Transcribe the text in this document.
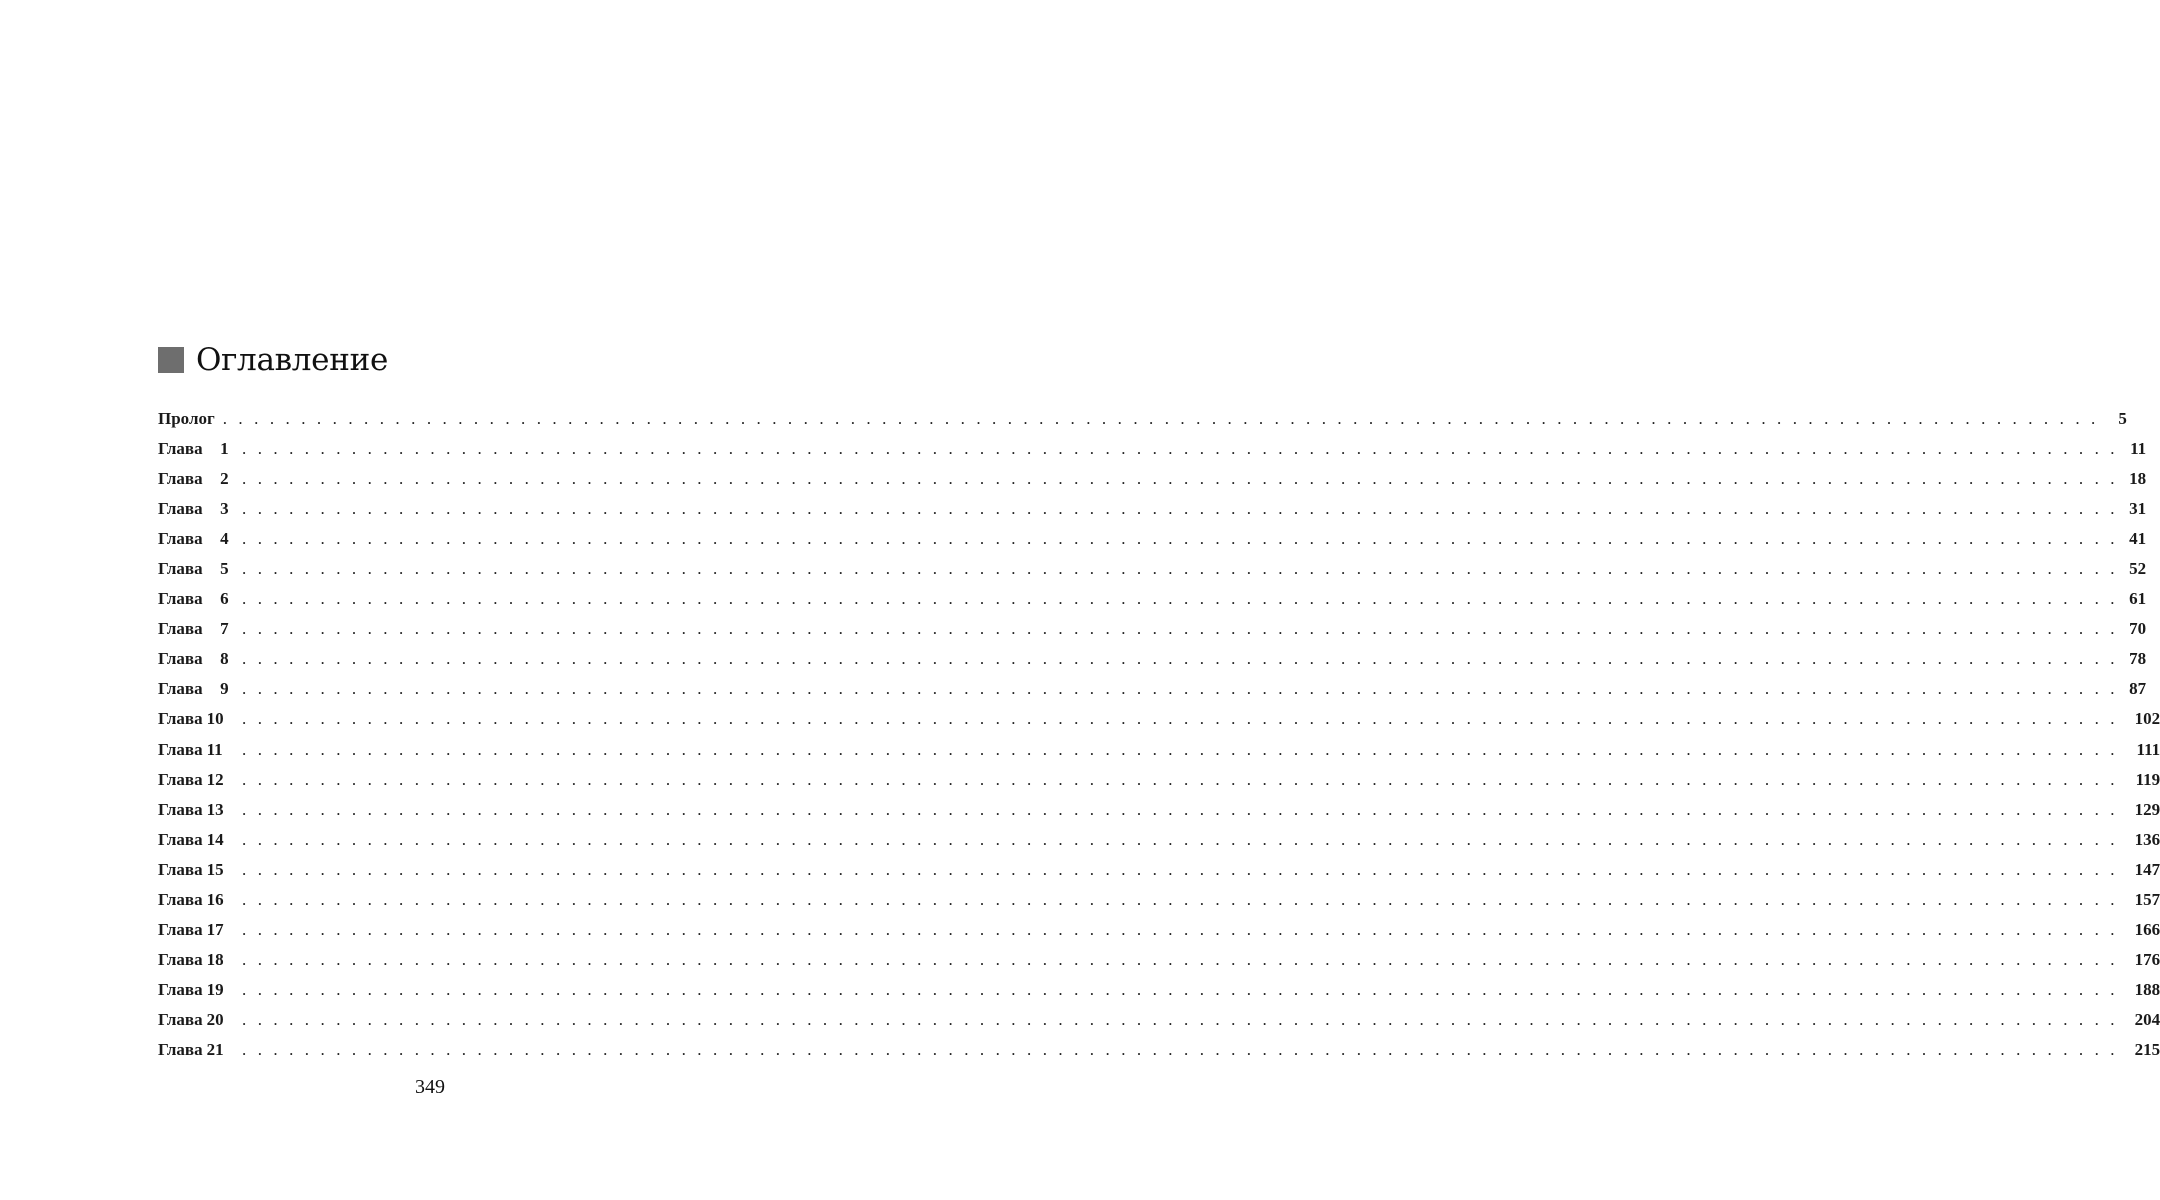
Оглавление
Пролог . . . . . . . . . . . . . . . . . . . . . . . . . . . . . . . . . . . . . . . . . . . . . . . . . . . . . . . . . . . . . . . . . . . . . . . . . . . . . . . . . . . . . . . . . . . . . . . . . . . . . . . . . . . . . . . . . . . . . . . .	5
Глава	1 . . . . . . . . . . . . . . . . . . . . . . . . . . . . . . . . . . . . . . . . . . . . . . . . . . . . . . . . . . . . . . . . . . . . . . . . . . . . . . . . . . . . . . . . . . . . . . . . . . . . . . . . . . . . . . . . . . . . . . . . 11
Глава	2 . . . . . . . . . . . . . . . . . . . . . . . . . . . . . . . . . . . . . . . . . . . . . . . . . . . . . . . . . . . . . . . . . . . . . . . . . . . . . . . . . . . . . . . . . . . . . . . . . . . . . . . . . . . . . . . . . . . . . . . . 18
Глава	3 . . . . . . . . . . . . . . . . . . . . . . . . . . . . . . . . . . . . . . . . . . . . . . . . . . . . . . . . . . . . . . . . . . . . . . . . . . . . . . . . . . . . . . . . . . . . . . . . . . . . . . . . . . . . . . . . . . . . . . . . 31
Глава	4 . . . . . . . . . . . . . . . . . . . . . . . . . . . . . . . . . . . . . . . . . . . . . . . . . . . . . . . . . . . . . . . . . . . . . . . . . . . . . . . . . . . . . . . . . . . . . . . . . . . . . . . . . . . . . . . . . . . . . . . . 41
Глава	5 . . . . . . . . . . . . . . . . . . . . . . . . . . . . . . . . . . . . . . . . . . . . . . . . . . . . . . . . . . . . . . . . . . . . . . . . . . . . . . . . . . . . . . . . . . . . . . . . . . . . . . . . . . . . . . . . . . . . . . . . 52
Глава	6 . . . . . . . . . . . . . . . . . . . . . . . . . . . . . . . . . . . . . . . . . . . . . . . . . . . . . . . . . . . . . . . . . . . . . . . . . . . . . . . . . . . . . . . . . . . . . . . . . . . . . . . . . . . . . . . . . . . . . . . . 61
Глава	7 . . . . . . . . . . . . . . . . . . . . . . . . . . . . . . . . . . . . . . . . . . . . . . . . . . . . . . . . . . . . . . . . . . . . . . . . . . . . . . . . . . . . . . . . . . . . . . . . . . . . . . . . . . . . . . . . . . . . . . . . 70
Глава	8 . . . . . . . . . . . . . . . . . . . . . . . . . . . . . . . . . . . . . . . . . . . . . . . . . . . . . . . . . . . . . . . . . . . . . . . . . . . . . . . . . . . . . . . . . . . . . . . . . . . . . . . . . . . . . . . . . . . . . . . . 78
Глава	9 . . . . . . . . . . . . . . . . . . . . . . . . . . . . . . . . . . . . . . . . . . . . . . . . . . . . . . . . . . . . . . . . . . . . . . . . . . . . . . . . . . . . . . . . . . . . . . . . . . . . . . . . . . . . . . . . . . . . . . . . 87
Глава 10	. . . . . . . . . . . . . . . . . . . . . . . . . . . . . . . . . . . . . . . . . . . . . . . . . . . . . . . . . . . . . . . . . . . . . . . . . . . . . . . . . . . . . . . . . . . . . . . . . . . . . . . . . . . . . . . . . . . . . . . . 102
Глава 11	. . . . . . . . . . . . . . . . . . . . . . . . . . . . . . . . . . . . . . . . . . . . . . . . . . . . . . . . . . . . . . . . . . . . . . . . . . . . . . . . . . . . . . . . . . . . . . . . . . . . . . . . . . . . . . . . . . . . . . . .	111
Глава 12	. . . . . . . . . . . . . . . . . . . . . . . . . . . . . . . . . . . . . . . . . . . . . . . . . . . . . . . . . . . . . . . . . . . . . . . . . . . . . . . . . . . . . . . . . . . . . . . . . . . . . . . . . . . . . . . . . . . . . . . .	119
Глава 13	. . . . . . . . . . . . . . . . . . . . . . . . . . . . . . . . . . . . . . . . . . . . . . . . . . . . . . . . . . . . . . . . . . . . . . . . . . . . . . . . . . . . . . . . . . . . . . . . . . . . . . . . . . . . . . . . . . . . . . . . 129
Глава 14	. . . . . . . . . . . . . . . . . . . . . . . . . . . . . . . . . . . . . . . . . . . . . . . . . . . . . . . . . . . . . . . . . . . . . . . . . . . . . . . . . . . . . . . . . . . . . . . . . . . . . . . . . . . . . . . . . . . . . . . . 136
Глава 15	. . . . . . . . . . . . . . . . . . . . . . . . . . . . . . . . . . . . . . . . . . . . . . . . . . . . . . . . . . . . . . . . . . . . . . . . . . . . . . . . . . . . . . . . . . . . . . . . . . . . . . . . . . . . . . . . . . . . . . . . 147
Глава 16	. . . . . . . . . . . . . . . . . . . . . . . . . . . . . . . . . . . . . . . . . . . . . . . . . . . . . . . . . . . . . . . . . . . . . . . . . . . . . . . . . . . . . . . . . . . . . . . . . . . . . . . . . . . . . . . . . . . . . . . . 157
Глава 17	. . . . . . . . . . . . . . . . . . . . . . . . . . . . . . . . . . . . . . . . . . . . . . . . . . . . . . . . . . . . . . . . . . . . . . . . . . . . . . . . . . . . . . . . . . . . . . . . . . . . . . . . . . . . . . . . . . . . . . . . 166
Глава 18	. . . . . . . . . . . . . . . . . . . . . . . . . . . . . . . . . . . . . . . . . . . . . . . . . . . . . . . . . . . . . . . . . . . . . . . . . . . . . . . . . . . . . . . . . . . . . . . . . . . . . . . . . . . . . . . . . . . . . . . . 176
Глава 19	. . . . . . . . . . . . . . . . . . . . . . . . . . . . . . . . . . . . . . . . . . . . . . . . . . . . . . . . . . . . . . . . . . . . . . . . . . . . . . . . . . . . . . . . . . . . . . . . . . . . . . . . . . . . . . . . . . . . . . . . 188
Глава 20	. . . . . . . . . . . . . . . . . . . . . . . . . . . . . . . . . . . . . . . . . . . . . . . . . . . . . . . . . . . . . . . . . . . . . . . . . . . . . . . . . . . . . . . . . . . . . . . . . . . . . . . . . . . . . . . . . . . . . . . . 204
Глава 21	. . . . . . . . . . . . . . . . . . . . . . . . . . . . . . . . . . . . . . . . . . . . . . . . . . . . . . . . . . . . . . . . . . . . . . . . . . . . . . . . . . . . . . . . . . . . . . . . . . . . . . . . . . . . . . . . . . . . . . . . 215
349
